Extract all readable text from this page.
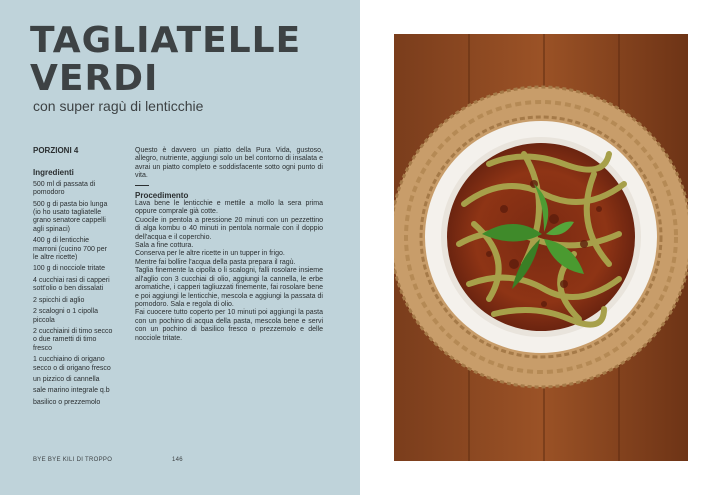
TAGLIATELLE
VERDI
con super ragù di lenticchie
PORZIONI 4
Ingredienti

500 ml di passata di pomodoro

500 g di pasta bio lunga (io ho usato tagliatelle grano senatore cappelli agli spinaci)

400 g di lenticchie marroni (cucino 700 per le altre ricette)

100 g di nocciole tritate

4 cucchiai rasi di capperi sott'olio o ben dissalati

2 spicchi di aglio

2 scalogni o 1 cipolla piccola

2 cucchiaini di timo secco o due rametti di timo fresco

1 cucchiaino di origano secco o di origano fresco

un pizzico di cannella

sale marino integrale q.b

basilico o prezzemolo

Questo è davvero un piatto della Pura Vida, gustoso, allegro, nutriente, aggiungi solo un bel contorno di insalata e avrai un piatto completo e soddisfacente sotto ogni punto di vita.

Procedimento

Lava bene le lenticchie e mettile a mollo la sera prima oppure comprale già cotte.

Cuocile in pentola a pressione 20 minuti con un pezzettino di alga kombu o 40 minuti in pentola normale con il doppio dell'acqua e il coperchio.

Sala a fine cottura.

Conserva per le altre ricette in un tupper in frigo.

Mentre fai bollire l'acqua della pasta prepara il ragù.

Taglia finemente la cipolla o li scalogni, falli rosolare insieme all'aglio con 3 cucchiai di olio, aggiungi la cannella, le erbe aromatiche, i capperi tagliuzzati finemente, fai rosolare bene e poi aggiungi le lenticchie, mescola e aggiungi la passata di pomodoro. Sala e regola di olio.

Fai cuocere tutto coperto per 10 minuti poi aggiungi la pasta con un pochino di acqua della pasta, mescola bene e servi con un pochino di basilico fresco o prezzemolo e delle nocciole tritate.

BYE BYE KILI DI TROPPO	146
